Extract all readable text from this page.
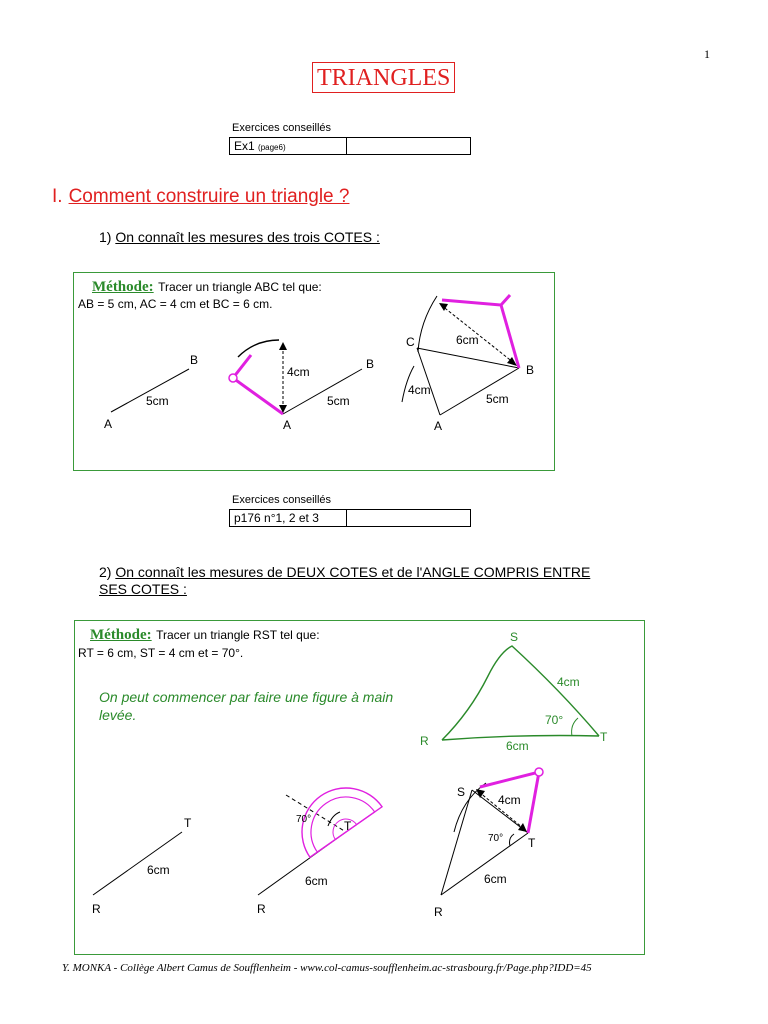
1
TRIANGLES
Exercices conseillés
Ex1 (page6)	
I. Comment construire un triangle ?
1) On connaît les mesures des trois COTES :
Méthode: Tracer un triangle ABC tel que:
AB = 5 cm, AC = 4 cm et BC = 6 cm.
A
B
5cm
4cm
A
B
5cm
C
B
A
6cm
4cm
5cm
S
R	T
4cm
6cm
70°
R
T
6cm
70°	T
R
6cm
S
T
R
4cm
6cm
70°
Exercices conseillés
p176 n°1, 2 et 3	
2) On connaît les mesures de DEUX COTES et de l'ANGLE COMPRIS ENTRE
SES COTES :
Méthode: Tracer un triangle RST tel que:
RT = 6 cm, ST = 4 cm et = 70°.
On peut commencer par faire une figure à main levée.
Y. MONKA - Collège Albert Camus de Soufflenheim - www.col-camus-soufflenheim.ac-strasbourg.fr/Page.php?IDD=45
